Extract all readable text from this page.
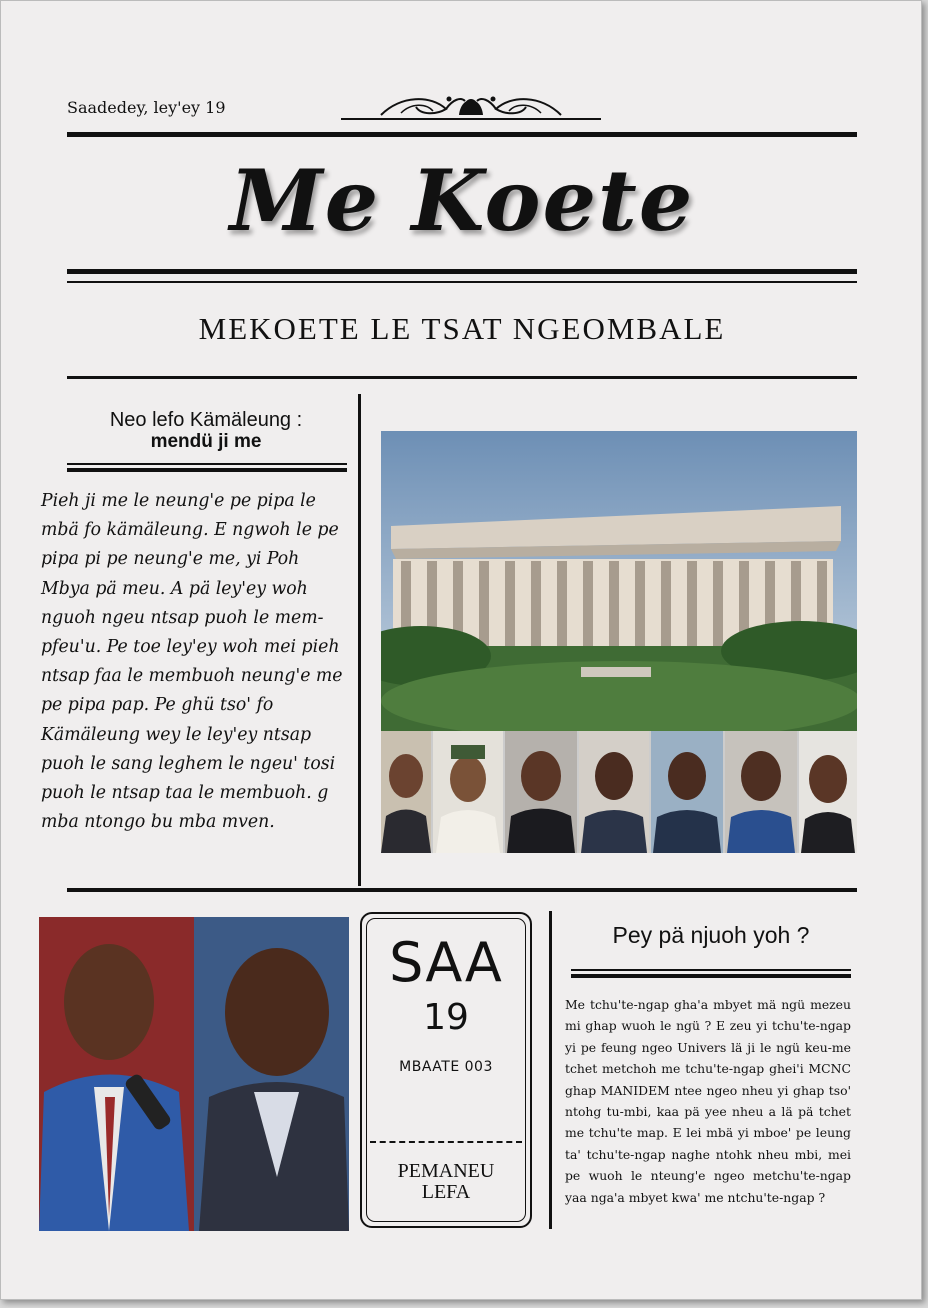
Saadedey, ley'ey 19
Me Koete
MEKOETE LE TSAT NGEOMBALE
Neo lefo Kämäleung :
mendü ji me
Pieh ji me le neung'e pe pipa le mbä fo kämäleung. E ngwoh le pe pipa pi pe neung'e me, yi Poh Mbya pä meu. A pä ley'ey woh nguoh ngeu ntsap puoh le mem-pfeu'u. Pe toe ley'ey woh mei pieh ntsap faa le membuoh neung'e me pe pipa pap. Pe ghü tso' fo Kämäleung wey le ley'ey ntsap puoh le sang leghem le ngeu' tosi puoh le ntsap taa le membuoh. g mba ntongo bu mba mven.
SAA
19
MBAATE 003
PEMANEU
LEFA
Pey pä njuoh yoh ?
Me tchu'te-ngap gha'a mbyet mä ngü mezeu mi ghap wuoh le ngü ? E zeu yi tchu'te-ngap yi pe feung ngeo Univers lä ji le ngü keu-me tchet metchoh me tchu'te-ngap ghei'i MCNC ghap MANIDEM ntee ngeo nheu yi ghap tso' ntohg tu-mbi, kaa pä yee nheu a lä pä tchet me tchu'te map. E lei mbä yi mboe' pe leung ta' tchu'te-ngap naghe ntohk nheu mbi, mei pe wuoh le nteung'e ngeo metchu'te-ngap yaa nga'a mbyet kwa' me ntchu'te-ngap ?
